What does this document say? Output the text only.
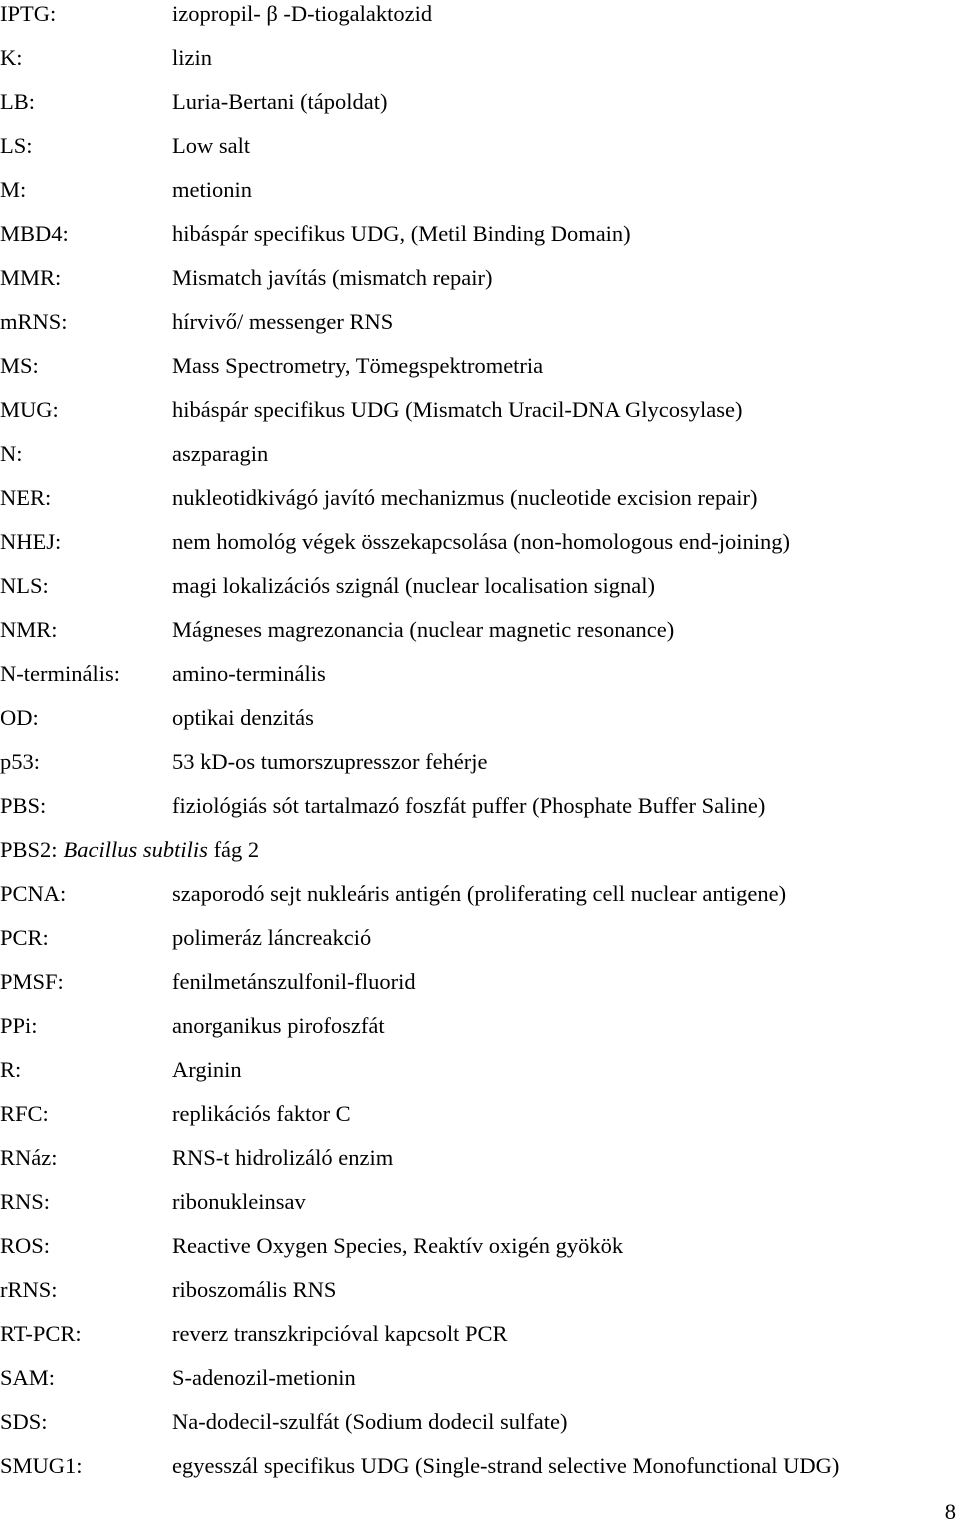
IPTG:	izopropil- β -D-tiogalaktozid
K:	lizin
LB:	Luria-Bertani (tápoldat)
LS:	Low salt
M:	metionin
MBD4:	hibáspár specifikus UDG, (Metil Binding Domain)
MMR:	Mismatch javítás (mismatch repair)
mRNS:	hírvivő/ messenger RNS
MS:	Mass Spectrometry, Tömegspektrometria
MUG:	hibáspár specifikus UDG (Mismatch Uracil-DNA Glycosylase)
N:	aszparagin
NER:	nukleotidkivágó javító mechanizmus (nucleotide excision repair)
NHEJ:	nem homológ végek összekapcsolása (non-homologous end-joining)
NLS:	magi lokalizációs szignál (nuclear localisation signal)
NMR:	Mágneses magrezonancia (nuclear magnetic resonance)
N-terminális: amino-terminális
OD:	optikai denzitás
p53:	53 kD-os tumorszupresszor fehérje
PBS:	fiziológiás sót tartalmazó foszfát puffer (Phosphate Buffer Saline)
PBS2: Bacillus subtilis fág 2
PCNA:	szaporodó sejt nukleáris antigén (proliferating cell nuclear antigene)
PCR:	polimeráz láncreakció
PMSF:	fenilmetánszulfonil-fluorid
PPi:	anorganikus pirofoszfát
R:	Arginin
RFC:	replikációs faktor C
RNáz:	RNS-t hidrolizáló enzim
RNS:	ribonukleinsav
ROS:	Reactive Oxygen Species, Reaktív oxigén gyökök
rRNS:	riboszomális RNS
RT-PCR:	reverz transzkripcióval kapcsolt PCR
SAM:	S-adenozil-metionin
SDS:	Na-dodecil-szulfát (Sodium dodecil sulfate)
SMUG1:	egyesszál specifikus UDG (Single-strand selective Monofunctional UDG)
8
